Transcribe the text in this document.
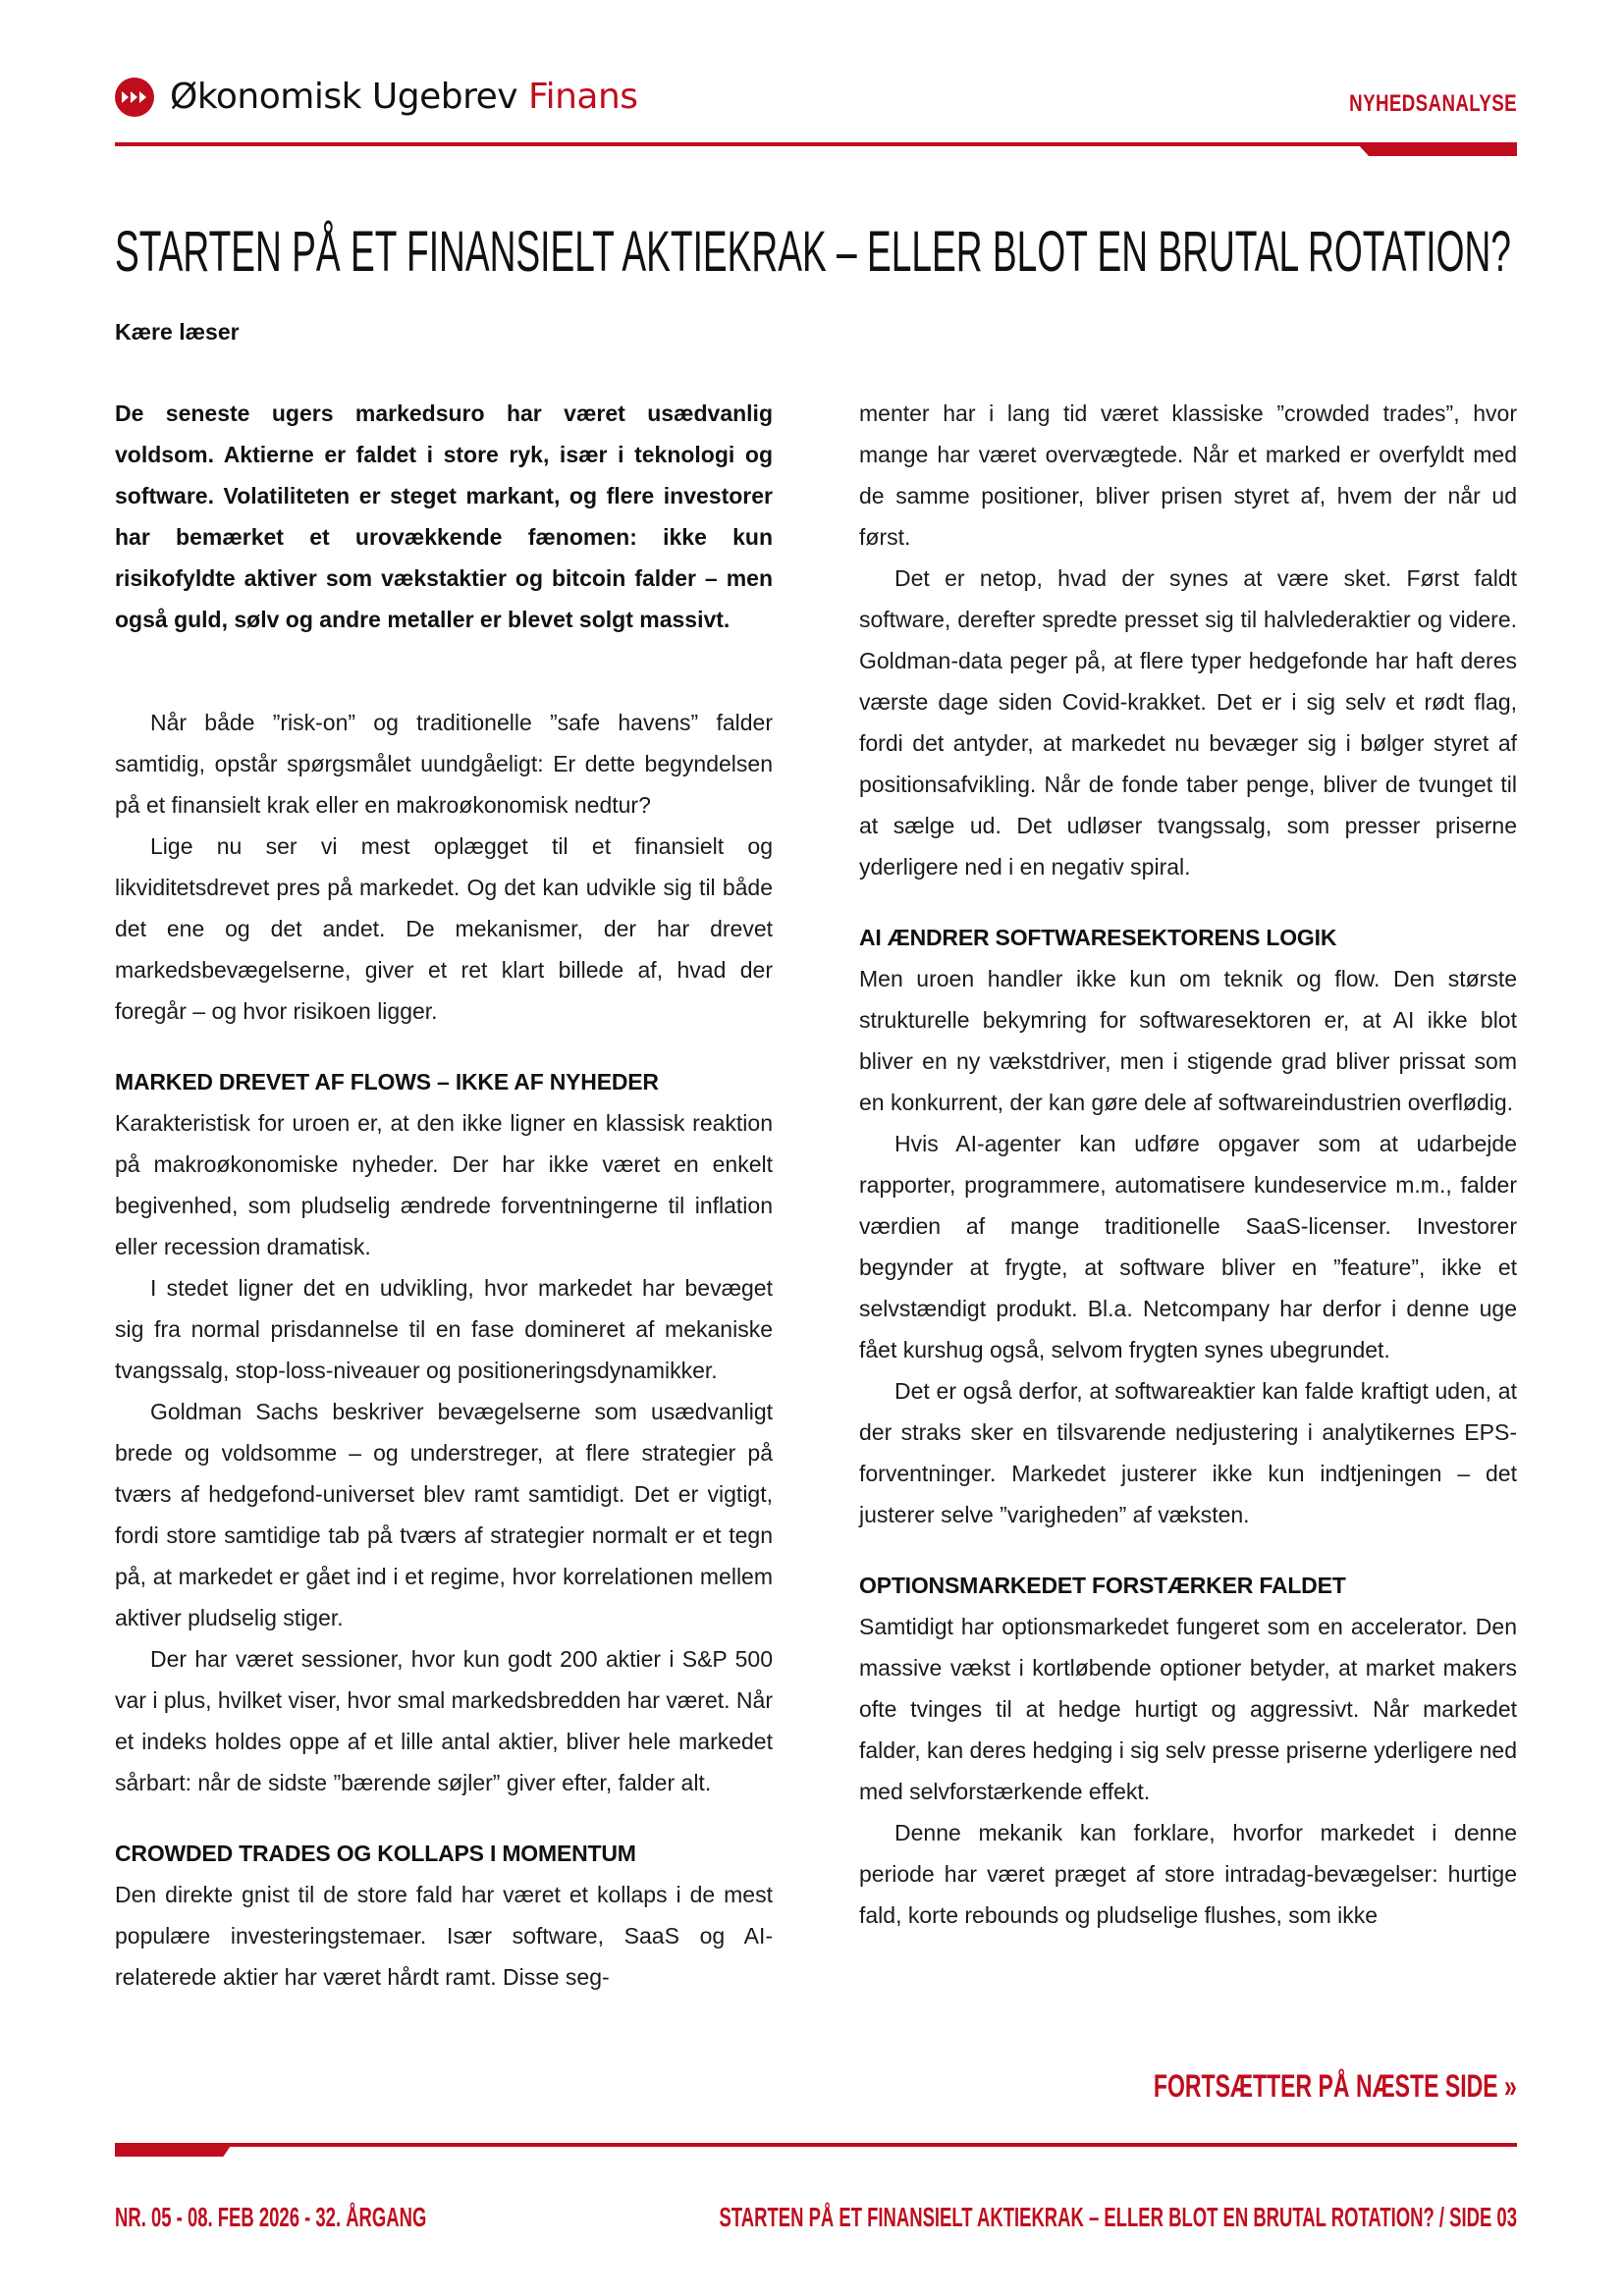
Økonomisk Ugebrev Finans	NYHEDSANALYSE
STARTEN PÅ ET FINANSIELT AKTIEKRAK – ELLER BLOT EN BRUTAL ROTATION?
Kære læser

De seneste ugers markedsuro har været usædvanlig voldsom. Aktierne er faldet i store ryk, især i teknologi og software. Volatiliteten er steget markant, og flere investorer har bemærket et urovækkende fænomen: ikke kun risikofyldte aktiver som vækstaktier og bitcoin falder – men også guld, sølv og andre metaller er blevet solgt massivt.

Når både ”risk-on” og traditionelle ”safe havens” falder samtidig, opstår spørgsmålet uundgåeligt: Er dette begyndelsen på et finansielt krak eller en makroøkonomisk nedtur?

Lige nu ser vi mest oplægget til et finansielt og likviditetsdrevet pres på markedet. Og det kan udvikle sig til både det ene og det andet. De mekanismer, der har drevet markedsbevægelserne, giver et ret klart billede af, hvad der foregår – og hvor risikoen ligger.

MARKED DREVET AF FLOWS – IKKE AF NYHEDER

Karakteristisk for uroen er, at den ikke ligner en klassisk reaktion på makroøkonomiske nyheder. Der har ikke været en enkelt begivenhed, som pludselig ændrede forventningerne til inflation eller recession dramatisk.

I stedet ligner det en udvikling, hvor markedet har bevæget sig fra normal prisdannelse til en fase domineret af mekaniske tvangssalg, stop-loss-niveauer og positioneringsdynamikker.

Goldman Sachs beskriver bevægelserne som usædvanligt brede og voldsomme – og understreger, at flere strategier på tværs af hedgefond-universet blev ramt samtidigt. Det er vigtigt, fordi store samtidige tab på tværs af strategier normalt er et tegn på, at markedet er gået ind i et regime, hvor korrelationen mellem aktiver pludselig stiger.

Der har været sessioner, hvor kun godt 200 aktier i S&P 500 var i plus, hvilket viser, hvor smal markedsbredden har været. Når et indeks holdes oppe af et lille antal aktier, bliver hele markedet sårbart: når de sidste ”bærende søjler” giver efter, falder alt.

CROWDED TRADES OG KOLLAPS I MOMENTUM

Den direkte gnist til de store fald har været et kollaps i de mest populære investeringstemaer. Især software, SaaS og AI-relaterede aktier har været hårdt ramt. Disse seg-

menter har i lang tid været klassiske ”crowded trades”, hvor mange har været overvægtede. Når et marked er overfyldt med de samme positioner, bliver prisen styret af, hvem der når ud først.

Det er netop, hvad der synes at være sket. Først faldt software, derefter spredte presset sig til halvlederaktier og videre. Goldman-data peger på, at flere typer hedgefonde har haft deres værste dage siden Covid-krakket. Det er i sig selv et rødt flag, fordi det antyder, at markedet nu bevæger sig i bølger styret af positionsafvikling. Når de fonde taber penge, bliver de tvunget til at sælge ud. Det udløser tvangssalg, som presser priserne yderligere ned i en negativ spiral.

AI ÆNDRER SOFTWARESEKTORENS LOGIK

Men uroen handler ikke kun om teknik og flow. Den største strukturelle bekymring for softwaresektoren er, at AI ikke blot bliver en ny vækstdriver, men i stigende grad bliver prissat som en konkurrent, der kan gøre dele af softwareindustrien overflødig.

Hvis AI-agenter kan udføre opgaver som at udarbejde rapporter, programmere, automatisere kundeservice m.m., falder værdien af mange traditionelle SaaS-licenser. Investorer begynder at frygte, at software bliver en ”feature”, ikke et selvstændigt produkt. Bl.a. Netcompany har derfor i denne uge fået kurshug også, selvom frygten synes ubegrundet.

Det er også derfor, at softwareaktier kan falde kraftigt uden, at der straks sker en tilsvarende nedjustering i analytikernes EPS-forventninger. Markedet justerer ikke kun indtjeningen – det justerer selve ”varigheden” af væksten.

OPTIONSMARKEDET FORSTÆRKER FALDET

Samtidigt har optionsmarkedet fungeret som en accelerator. Den massive vækst i kortløbende optioner betyder, at market makers ofte tvinges til at hedge hurtigt og aggressivt. Når markedet falder, kan deres hedging i sig selv presse priserne yderligere ned med selvforstærkende effekt.

Denne mekanik kan forklare, hvorfor markedet i denne periode har været præget af store intradag-bevægelser: hurtige fald, korte rebounds og pludselige flushes, som ikke

FORTSÆTTER PÅ NÆSTE SIDE »
NR. 05 - 08. FEB 2026 - 32. ÅRGANG	STARTEN PÅ ET FINANSIELT AKTIEKRAK – ELLER BLOT EN BRUTAL ROTATION? / SIDE 03
